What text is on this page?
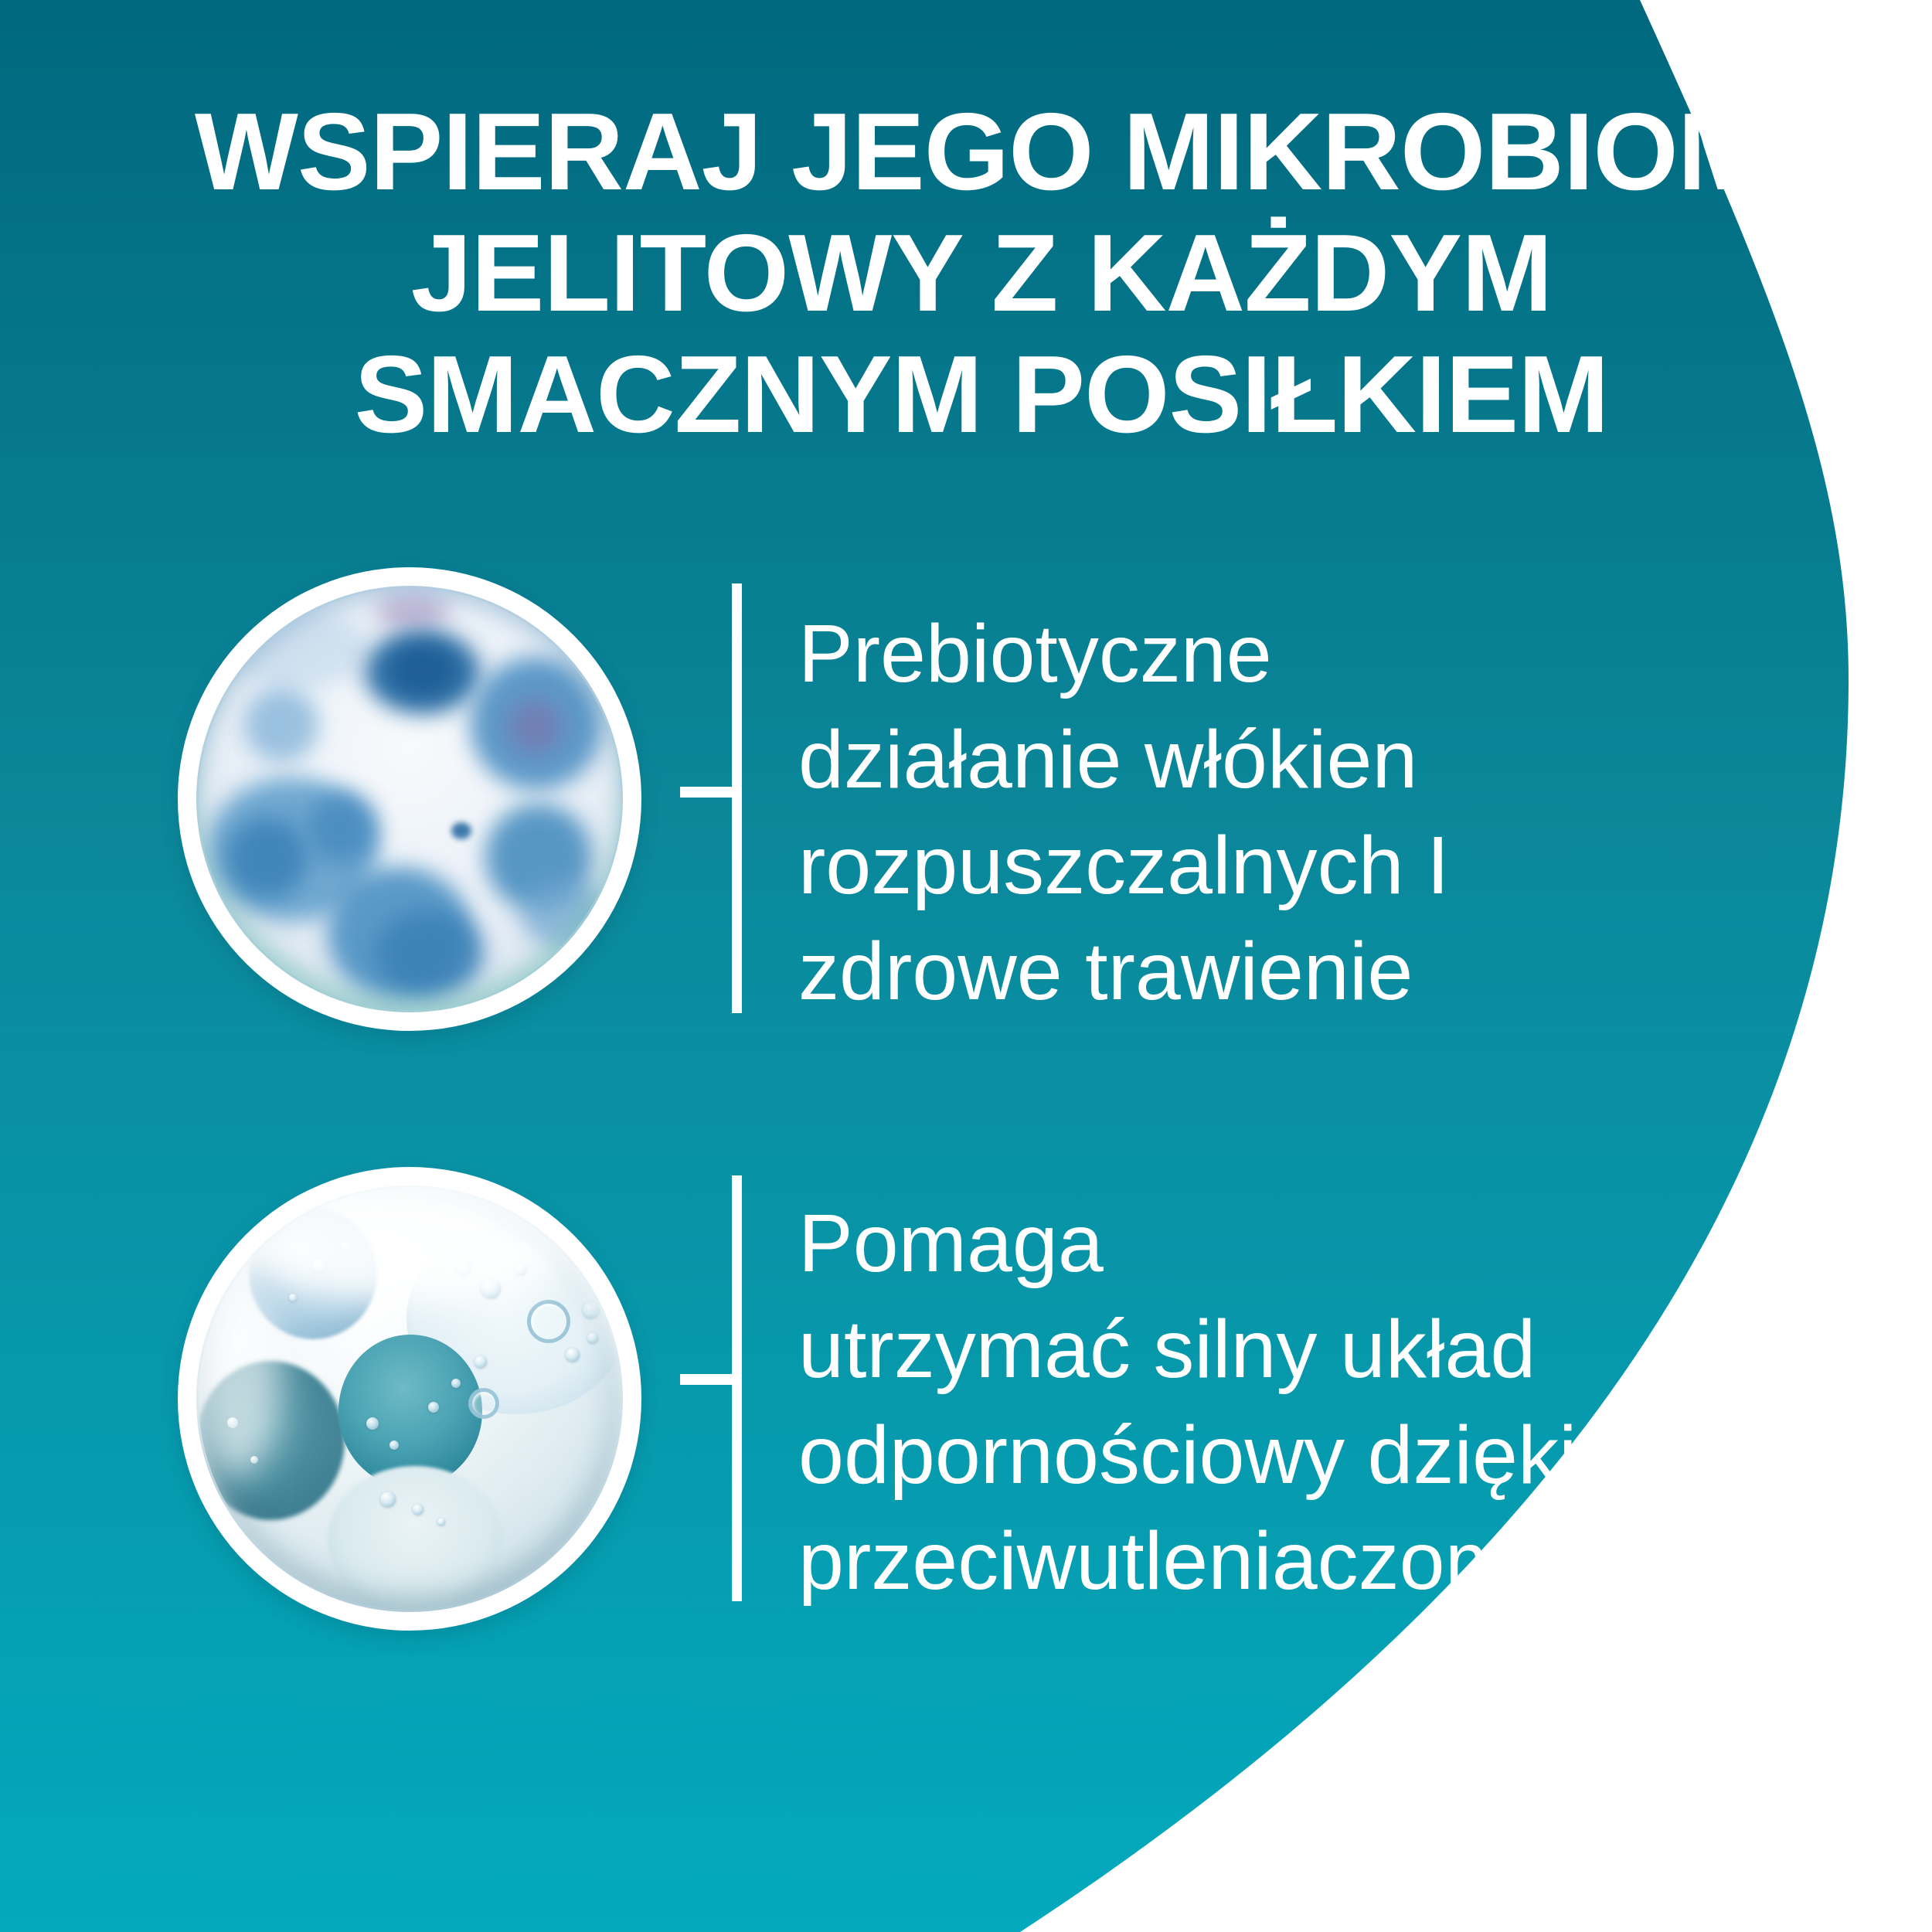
WSPIERAJ JEGO MIKROBIOM
JELITOWY Z KAŻDYM
SMACZNYM POSIŁKIEM
Prebiotyczne
działanie włókien
rozpuszczalnych I
zdrowe trawienie
Pomaga
utrzymać silny układ
odpornościowy dzięki
przeciwutleniaczom
